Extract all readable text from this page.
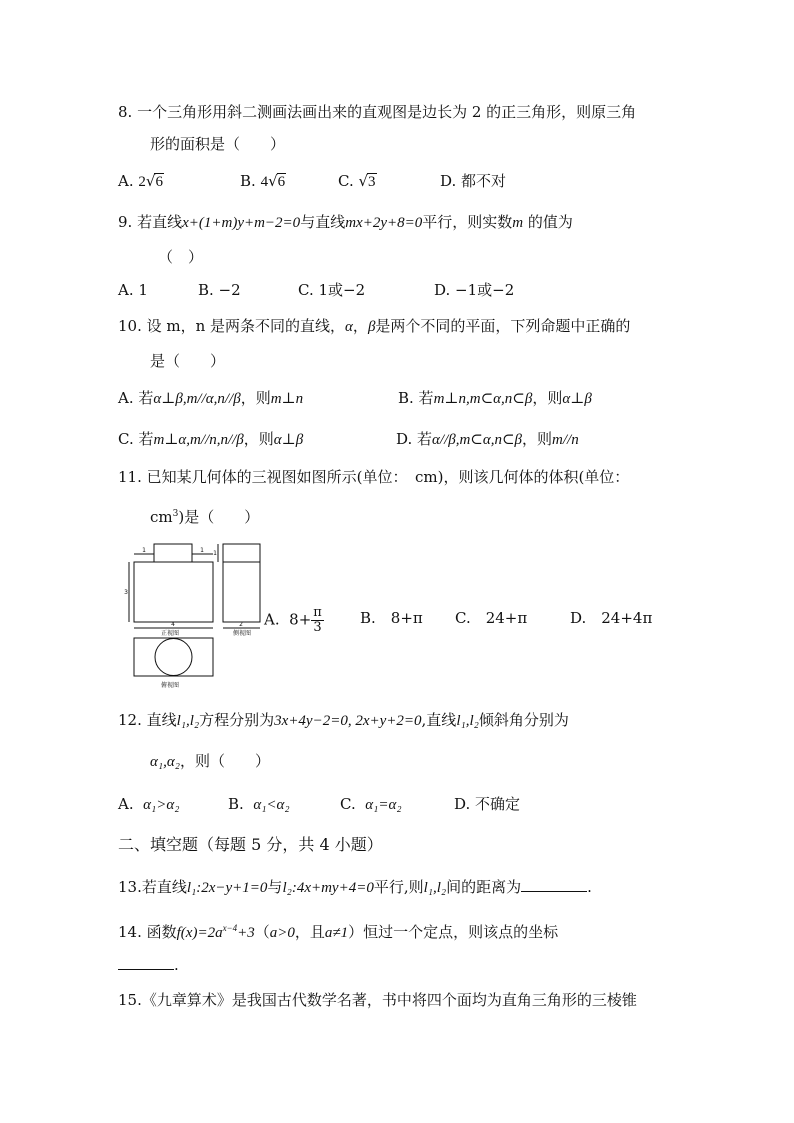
8. 一个三角形用斜二测画法画出来的直观图是边长为 2 的正三角形，则原三角
形的面积是（　　）
A. 2√6	B. 4√6	C. √3	D. 都不对
9. 若直线x+(1+m)y+m−2=0与直线mx+2y+8=0平行，则实数m 的值为
（　）
A. 1	B. −2	C. 1或−2	D. −1或−2
10. 设 m，n 是两条不同的直线，α，β是两个不同的平面，下列命题中正确的
是（　　）
A. 若α⊥β,m//α,n//β，则m⊥n	B. 若m⊥n,m⊂α,n⊂β，则α⊥β
C. 若m⊥α,m//n,n//β，则α⊥β	D. 若α//β,m⊂α,n⊂β，则m//n
11. 已知某几何体的三视图如图所示(单位：　cm)，则该几何体的体积(单位：
$cm^3$)是（　　）
1	1
3
4	2
1
正视图	侧视图
俯视图
A. $8+ \frac{\pi}{3} B$.　8+π C.　24+π	D.　24+4π
12. 直线l₁,l₂方程分别为3x+4y−2=0, 2x+y+2=0,直线l₁,l₂倾斜角分别为
α₁,α₂，则（　　）
A. α₁>α₂	B. α₁<α₂	C. α₁=α₂	D. 不确定
二、填空题（每题 5 分，共 4 小题）
13.若直线l₁:2x−y+1=0与l₂:4x+my+4=0平行,则l₁,l₂间的距离为	.
14. 函数$f(x)=2a^{x-4}+3(a>0$，且a≠1）恒过一个定点，则该点的坐标
.
15.《九章算术》是我国古代数学名著，书中将四个面均为直角三角形的三棱锥
